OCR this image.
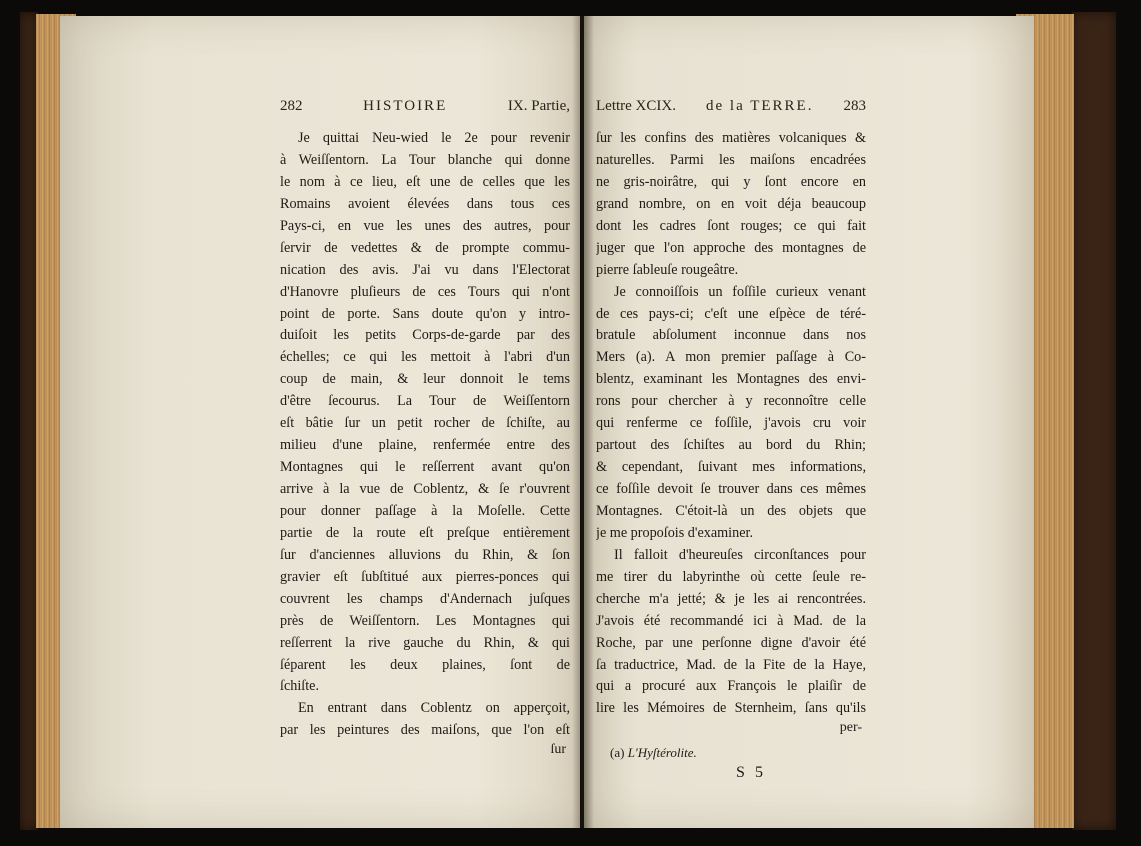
282	HISTOIRE	IX. Partie,
Je quittai Neu-wied le 2e pour revenir
à Weiſſentorn. La Tour blanche qui donne
le nom à ce lieu, eſt une de celles que les
Romains avoient élevées dans tous ces
Pays-ci, en vue les unes des autres, pour
ſervir de vedettes & de prompte commu-
nication des avis. J'ai vu dans l'Electorat
d'Hanovre pluſieurs de ces Tours qui n'ont
point de porte. Sans doute qu'on y intro-
duiſoit les petits Corps-de-garde par des
échelles; ce qui les mettoit à l'abri d'un
coup de main, & leur donnoit le tems
d'être ſecourus. La Tour de Weiſſentorn
eſt bâtie ſur un petit rocher de ſchiſte, au
milieu d'une plaine, renfermée entre des
Montagnes qui le reſſerrent avant qu'on
arrive à la vue de Coblentz, & ſe r'ouvrent
pour donner paſſage à la Moſelle. Cette
partie de la route eſt preſque entièrement
ſur d'anciennes alluvions du Rhin, & ſon
gravier eſt ſubſtitué aux pierres-ponces qui
couvrent les champs d'Andernach juſques
près de Weiſſentorn. Les Montagnes qui
reſſerrent la rive gauche du Rhin, & qui
ſéparent les deux plaines, ſont de
ſchiſte.
En entrant dans Coblentz on apperçoit,
par les peintures des maiſons, que l'on eſt
ſur
Lettre XCIX. de la TERRE. 283
ſur les confins des matières volcaniques &
naturelles. Parmi les maiſons encadrées
ne gris-noirâtre, qui y ſont encore en
grand nombre, on en voit déja beaucoup
dont les cadres ſont rouges; ce qui fait
juger que l'on approche des montagnes de
pierre ſableuſe rougeâtre.
Je connoiſſois un foſſile curieux venant
de ces pays-ci; c'eſt une eſpèce de téré-
bratule abſolument inconnue dans nos
Mers (a). A mon premier paſſage à Co-
blentz, examinant les Montagnes des envi-
rons pour chercher à y reconnoître celle
qui renferme ce foſſile, j'avois cru voir
partout des ſchiſtes au bord du Rhin;
& cependant, ſuivant mes informations,
ce foſſile devoit ſe trouver dans ces mêmes
Montagnes. C'étoit-là un des objets que
je me propoſois d'examiner.
Il falloit d'heureuſes circonſtances pour
me tirer du labyrinthe où cette ſeule re-
cherche m'a jetté; & je les ai rencontrées.
J'avois été recommandé ici à Mad. de la
Roche, par une perſonne digne d'avoir été
ſa traductrice, Mad. de la Fite de la Haye,
qui a procuré aux François le plaiſir de
lire les Mémoires de Sternheim, ſans qu'ils
per-
(a) L'Hyſtérolite.
S 5
